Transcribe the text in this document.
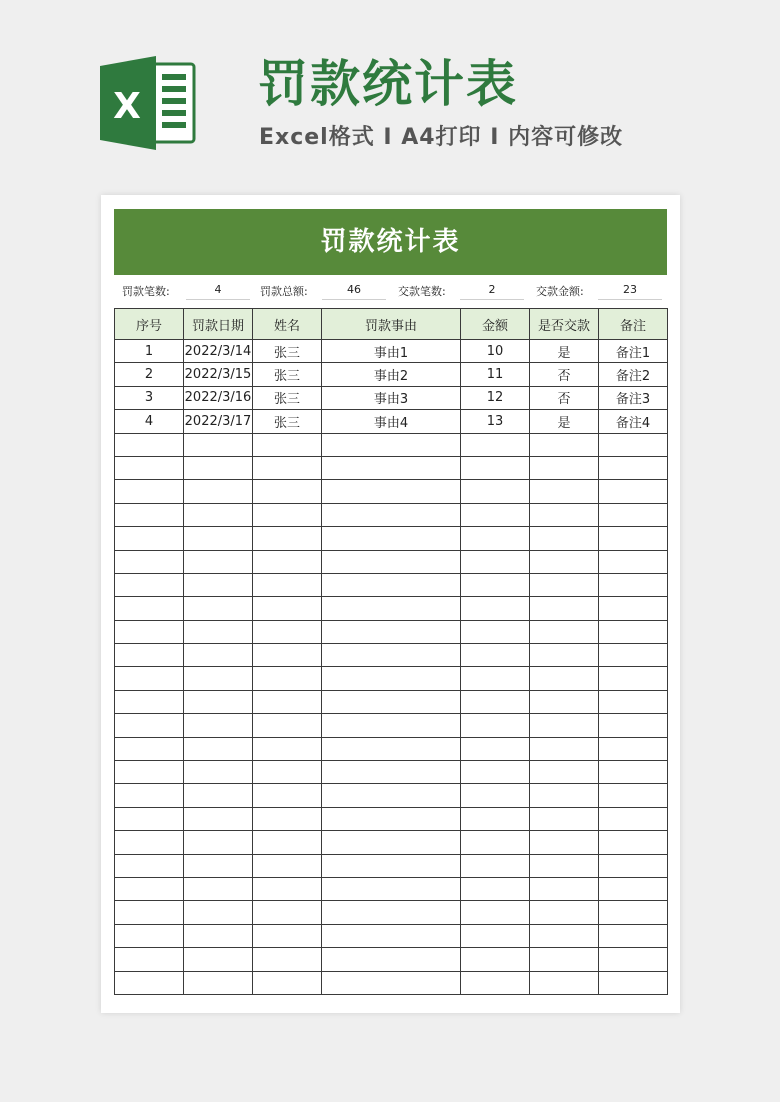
X 罚款统计表
Excel格式 I A4打印 I 内容可修改
罚款统计表
罚款笔数:	4	罚款总额:	46	交款笔数:	2	交款金额:	23
序号	罚款日期	姓名	罚款事由	金额	是否交款	备注
1	2022/3/14	张三	事由1	10	是	备注1
2	2022/3/15	张三	事由2	11	否	备注2
3	2022/3/16	张三	事由3	12	否	备注3
4	2022/3/17	张三	事由4	13	是	备注4
